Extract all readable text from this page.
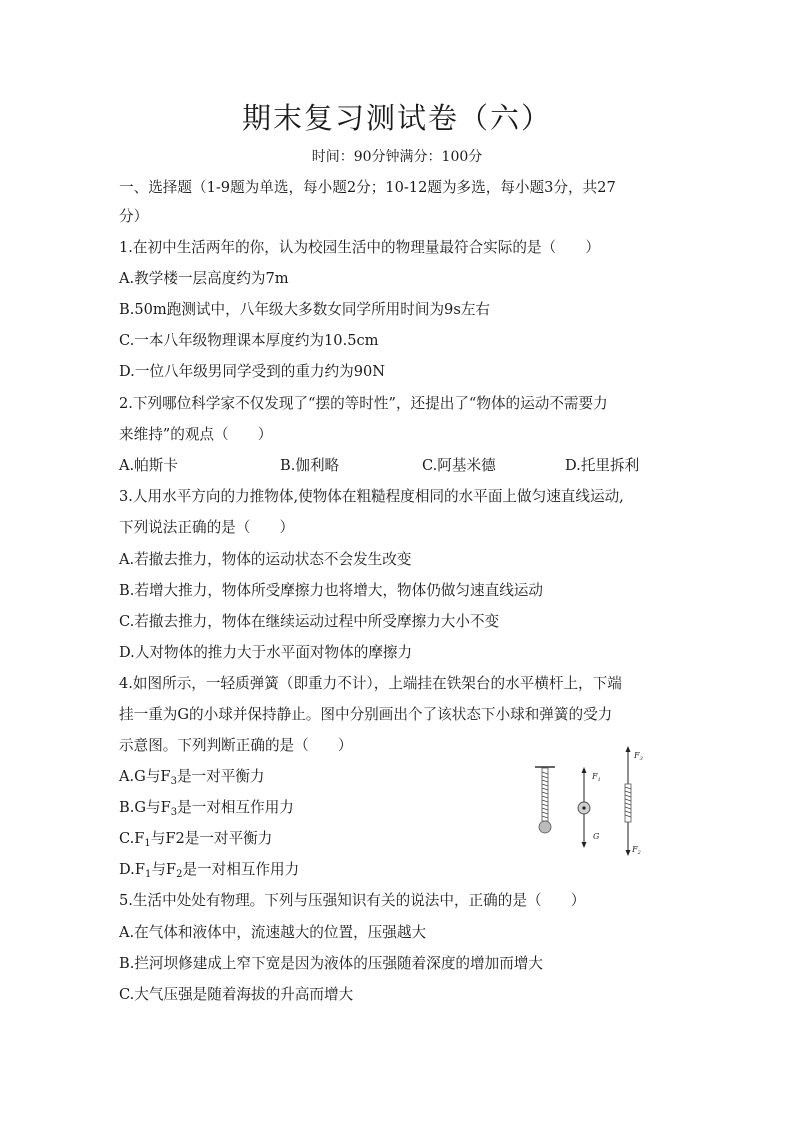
期末复习测试卷（六）
时间：90分钟满分：100分
一、选择题（1-9题为单选，每小题2分；10-12题为多选，每小题3分，共27
分）
1.在初中生活两年的你，认为校园生活中的物理量最符合实际的是（　　）
A.教学楼一层高度约为7m
B.50m跑测试中，八年级大多数女同学所用时间为9s左右
C.一本八年级物理课本厚度约为10.5cm
D.一位八年级男同学受到的重力约为90N
2.下列哪位科学家不仅发现了“摆的等时性”，还提出了“物体的运动不需要力
来维持”的观点（　　）
A.帕斯卡	B.伽利略	C.阿基米德	D.托里拆利
3.人用水平方向的力推物体,使物体在粗糙程度相同的水平面上做匀速直线运动,
下列说法正确的是（　　）
A.若撤去推力，物体的运动状态不会发生改变
B.若增大推力，物体所受摩擦力也将增大，物体仍做匀速直线运动
C.若撤去推力，物体在继续运动过程中所受摩擦力大小不变
D.人对物体的推力大于水平面对物体的摩擦力
4.如图所示，一轻质弹簧（即重力不计），上端挂在铁架台的水平横杆上，下端
挂一重为G的小球并保持静止。图中分别画出个了该状态下小球和弹簧的受力
示意图。下列判断正确的是（　　）
A.G与$F_3$是一对平衡力
B.G与$F_3$是一对相互作用力
$C.F_1$与F2是一对平衡力
$D.F_1$与$F_2$是一对相互作用力
$F_1$
G
$F_3$
$F_2$
5.生活中处处有物理。下列与压强知识有关的说法中，正确的是（　　）
A.在气体和液体中，流速越大的位置，压强越大
B.拦河坝修建成上窄下宽是因为液体的压强随着深度的增加而增大
C.大气压强是随着海拔的升高而增大
